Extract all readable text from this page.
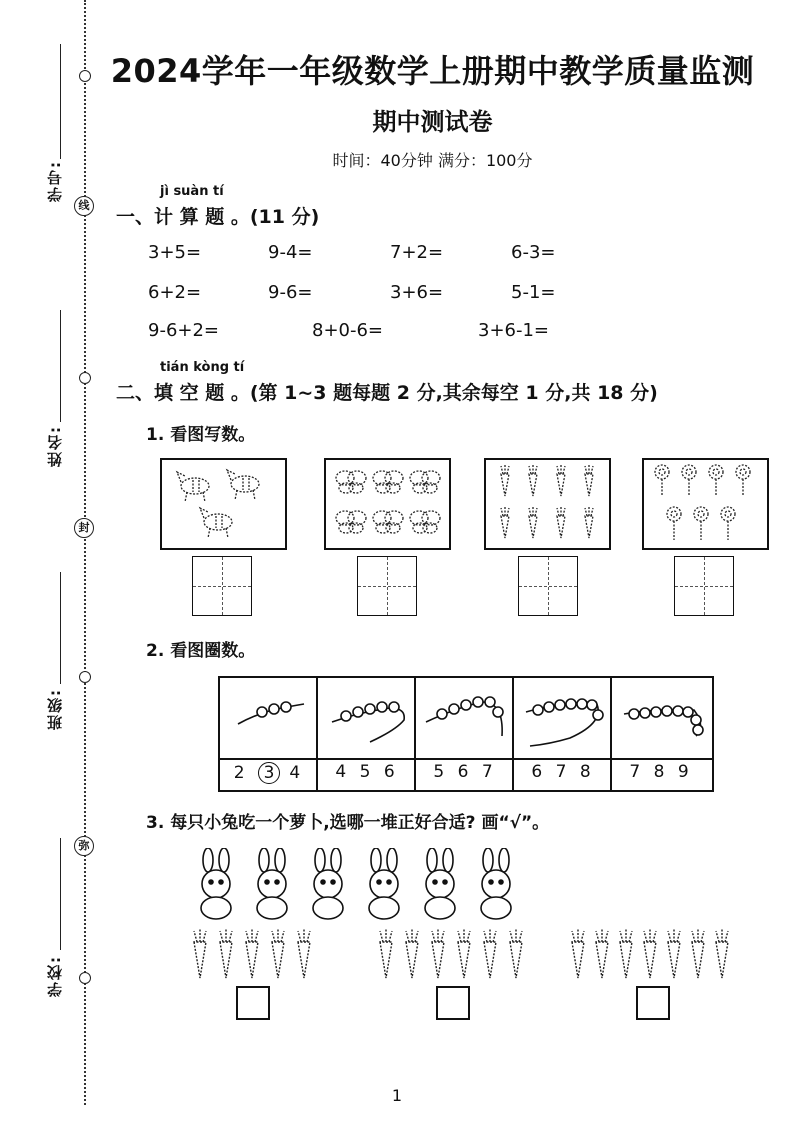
学号:
姓名:
班级:
学校:
线
封
弥
2024学年一年级数学上册期中教学质量监测
期中测试卷
时间：40分钟 满分：100分
jì suàn tí
一、计 算 题 。(11 分)
3+5=	9-4=	7+2=	6-3=
6+2=	9-6=	3+6=	5-1=
9-6+2=	8+0-6=	3+6-1=
tián kòng tí
二、填 空 题 。(第 1~3 题每题 2 分,其余每空 1 分,共 18 分)
1. 看图写数。
2. 看图圈数。
2 3 4	4 5 6	5 6 7	6 7 8	7 8 9
3. 每只小兔吃一个萝卜,选哪一堆正好合适? 画“√”。
1
